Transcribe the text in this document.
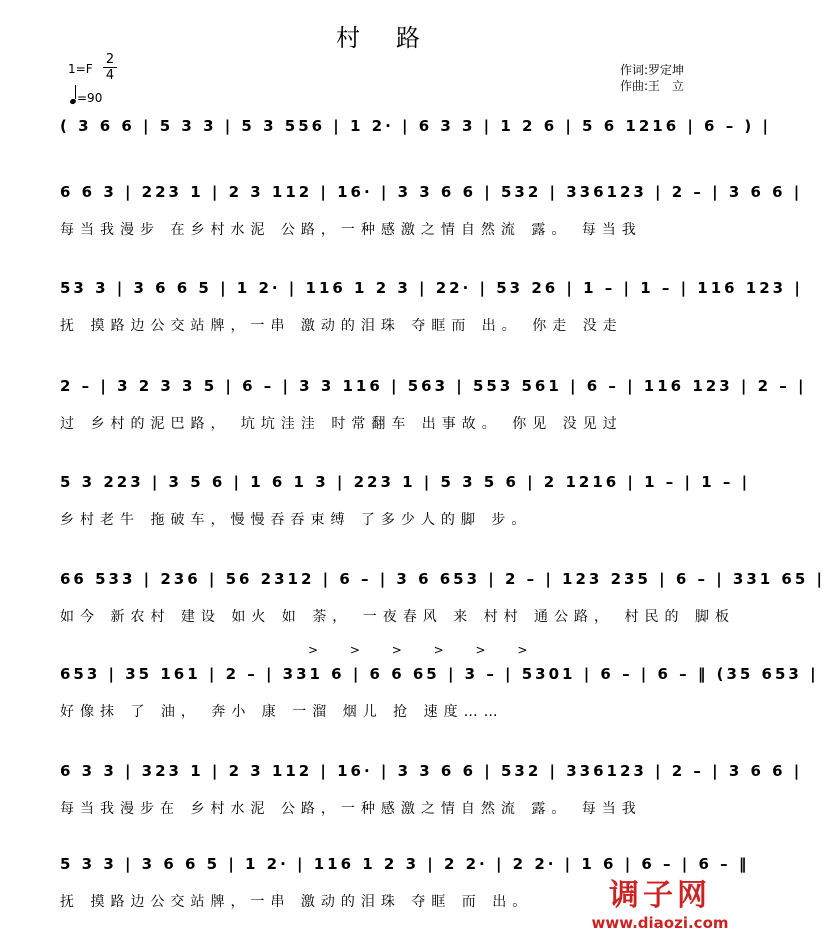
村　路
1=F
2
4
=90
作词:罗定坤
作曲:王　立
( 3 6 6 | 5 3 3 | 5 3 556 | 1 2· | 6 3 3 | 1 2 6 | 5 6 1216 | 6 – ) |
6 6 3 | 223 1 | 2 3 112 | 16· | 3 3 6 6 | 532 | 336123 | 2 – | 3 6 6 |
每当我漫步 在乡村水泥 公路，一种感激之情自然流 露。 每当我
53 3 | 3 6 6 5 | 1 2· | 116 1 2 3 | 22· | 53 26 | 1 – | 1 – | 116 123 |
抚 摸路边公交站牌，一串 激动的泪珠 夺眶而 出。 你走 没走
2 – | 3 2 3 3 5 | 6 – | 3 3 116 | 563 | 553 561 | 6 – | 116 123 | 2 – |
过 乡村的泥巴路， 坑坑洼洼 时常翻车 出事故。 你见 没见过
5 3 223 | 3 5 6 | 1 6 1 3 | 223 1 | 5 3 5 6 | 2 1216 | 1 – | 1 – |
乡村老牛 拖破车，慢慢吞吞束缚 了多少人的脚 步。
66 533 | 236 | 56 2312 | 6 – | 3 6 653 | 2 – | 123 235 | 6 – | 331 65 |
如今 新农村 建设 如火 如 荼， 一夜春风 来 村村 通公路， 村民的 脚板
> > > > > >
653 | 35 161 | 2 – | 331 6 | 6 6 65 | 3 – | 5301 | 6 – | 6 – ‖ (35 653 |
好像抹 了 油， 奔小 康 一溜 烟儿 抢 速度……
6 3 3 | 323 1 | 2 3 112 | 16· | 3 3 6 6 | 532 | 336123 | 2 – | 3 6 6 |
每当我漫步在 乡村水泥 公路，一种感激之情自然流 露。 每当我
5 3 3 | 3 6 6 5 | 1 2· | 116 1 2 3 | 2 2· | 2 2· | 1 6 | 6 – | 6 – ‖
抚 摸路边公交站牌，一串 激动的泪珠 夺眶 而 出。	调子网
www.diaozi.com
